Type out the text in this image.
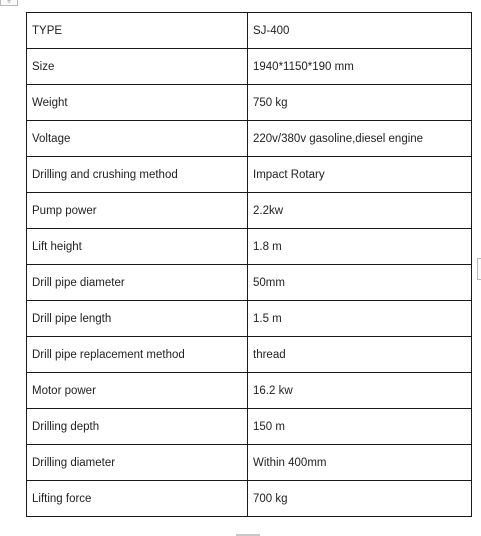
⠿
TYPE	SJ-400
Size	1940*1150*190 mm
Weight	750 kg
Voltage	220v/380v gasoline,diesel engine
Drilling and crushing method	Impact Rotary
Pump power	2.2kw
Lift height	1.8 m
Drill pipe diameter	50mm
Drill pipe length	1.5 m
Drill pipe replacement method	thread
Motor power	16.2 kw
Drilling depth	150 m
Drilling diameter	Within 400mm
Lifting force	700 kg
